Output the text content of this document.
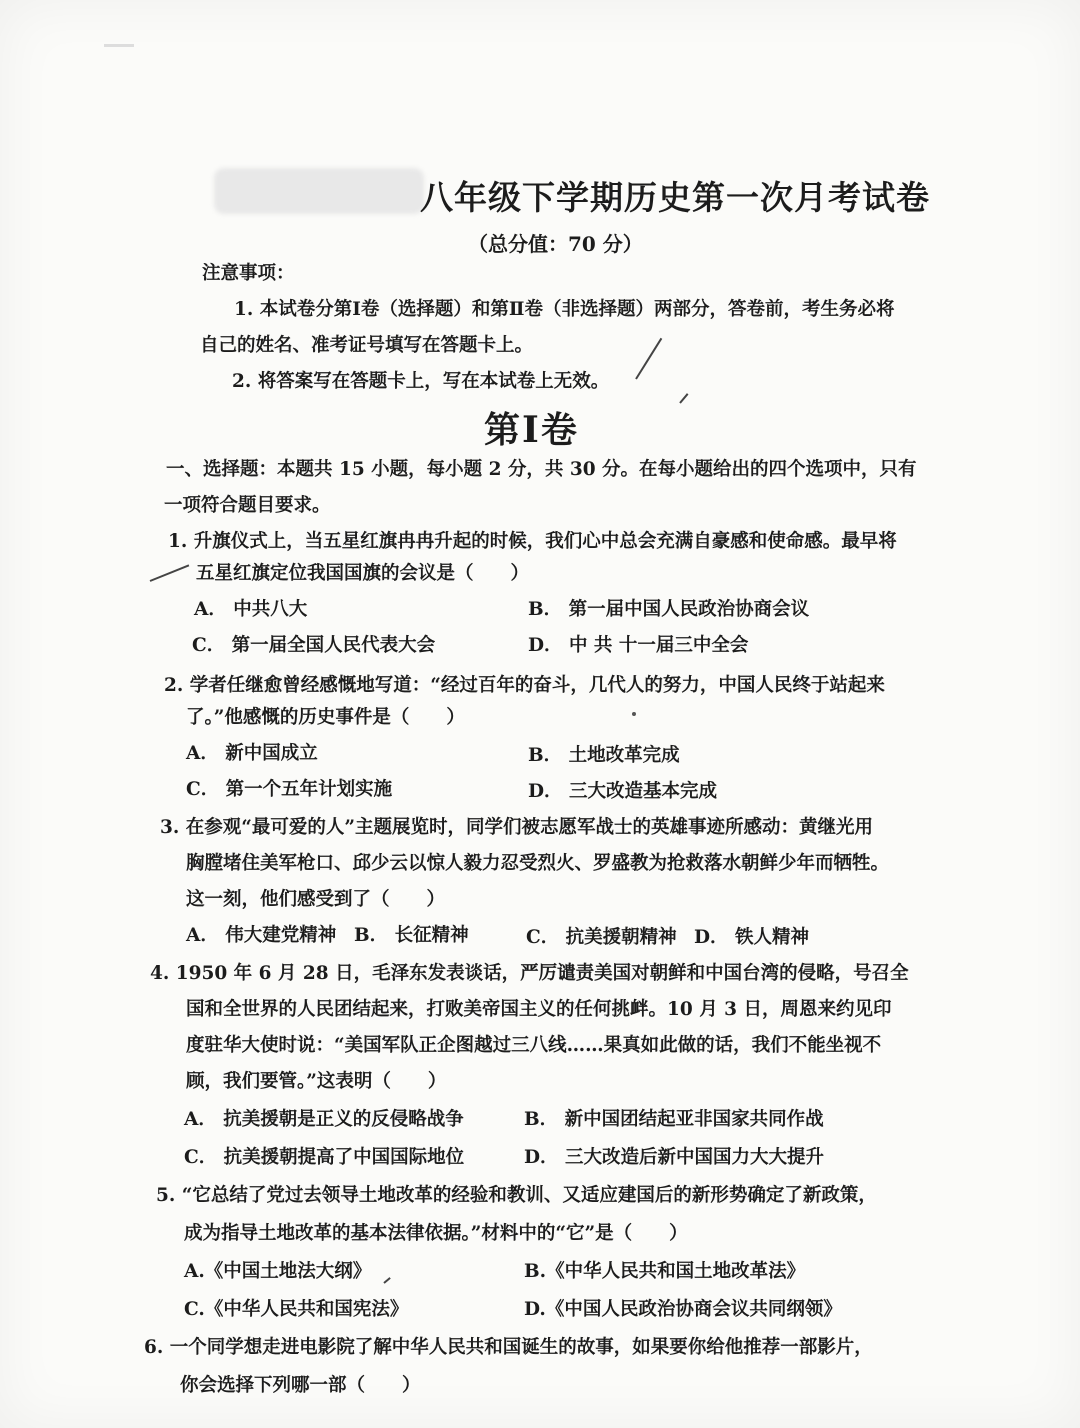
八年级下学期历史第一次月考试卷
（总分值：70 分）
注意事项：
1. 本试卷分第Ⅰ卷（选择题）和第Ⅱ卷（非选择题）两部分，答卷前，考生务必将
自己的姓名、准考证号填写在答题卡上。
2. 将答案写在答题卡上，写在本试卷上无效。
第Ⅰ卷
一、选择题：本题共 15 小题，每小题 2 分，共 30 分。在每小题给出的四个选项中，只有
一项符合题目要求。
1. 升旗仪式上，当五星红旗冉冉升起的时候，我们心中总会充满自豪感和使命感。最早将
五星红旗定位我国国旗的会议是（　　）
A． 中共八大	B． 第一届中国人民政治协商会议
C． 第一届全国人民代表大会	D． 中 共 十一届三中全会
2. 学者任继愈曾经感慨地写道：“经过百年的奋斗，几代人的努力，中国人民终于站起来
了。”他感慨的历史事件是（　　）
A． 新中国成立	B． 土地改革完成
C． 第一个五年计划实施	D． 三大改造基本完成
3. 在参观“最可爱的人”主题展览时，同学们被志愿军战士的英雄事迹所感动：黄继光用
胸膛堵住美军枪口、邱少云以惊人毅力忍受烈火、罗盛教为抢救落水朝鲜少年而牺牲。
这一刻，他们感受到了（　　）
A． 伟大建党精神 B． 长征精神	C． 抗美援朝精神 D． 铁人精神
4. 1950 年 6 月 28 日，毛泽东发表谈话，严厉谴责美国对朝鲜和中国台湾的侵略，号召全
国和全世界的人民团结起来，打败美帝国主义的任何挑衅。10 月 3 日，周恩来约见印
度驻华大使时说：“美国军队正企图越过三八线……果真如此做的话，我们不能坐视不
顾，我们要管。”这表明（　　）
A． 抗美援朝是正义的反侵略战争	B． 新中国团结起亚非国家共同作战
C． 抗美援朝提高了中国国际地位	D． 三大改造后新中国国力大大提升
5. “它总结了党过去领导土地改革的经验和教训、又适应建国后的新形势确定了新政策，
成为指导土地改革的基本法律依据。”材料中的“它”是（　　）
A.《中国土地法大纲》	B.《中华人民共和国土地改革法》
C.《中华人民共和国宪法》	D.《中国人民政治协商会议共同纲领》
6. 一个同学想走进电影院了解中华人民共和国诞生的故事，如果要你给他推荐一部影片，
你会选择下列哪一部（　　）
